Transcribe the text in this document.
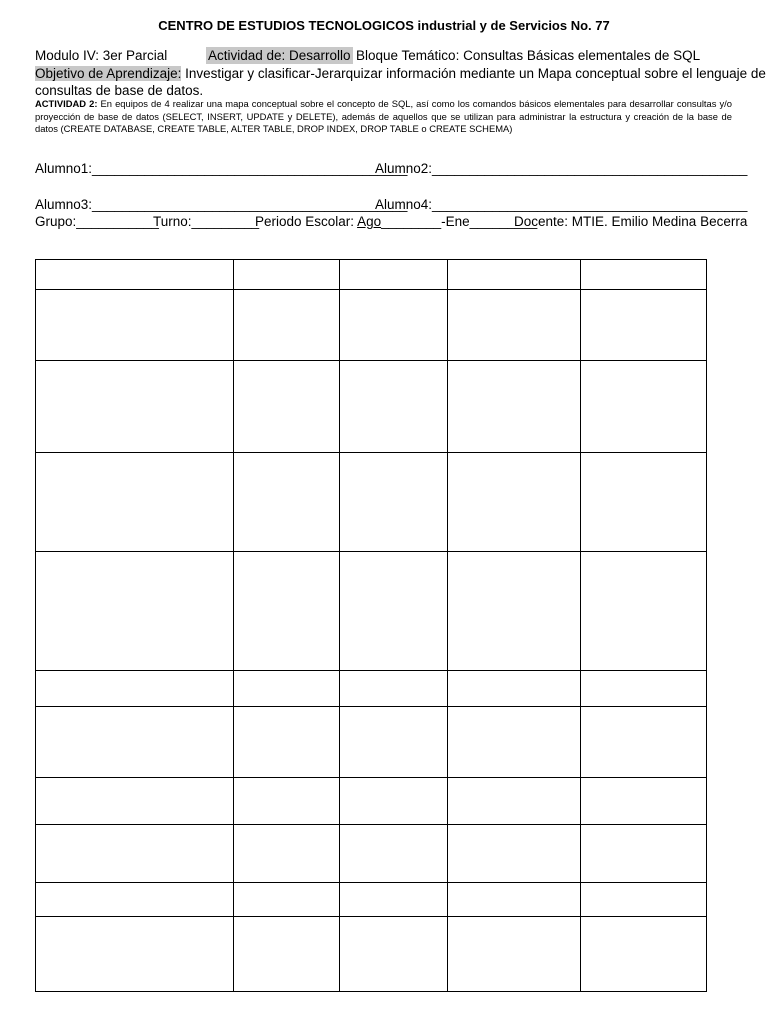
CENTRO DE ESTUDIOS TECNOLOGICOS industrial y de Servicios No. 77
Modulo IV: 3er Parcial	Actividad de: Desarrollo Bloque Temático: Consultas Básicas elementales de SQL
Objetivo de Aprendizaje: Investigar y clasificar-Jerarquizar información mediante un Mapa conceptual sobre el lenguaje de
consultas de base de datos.
ACTIVIDAD 2: En equipos de 4 realizar una mapa conceptual sobre el concepto de SQL, así como los comandos básicos elementales para desarrollar consultas y/o proyección de base de datos (SELECT, INSERT, UPDATE y DELETE), además de aquellos que se utilizan para administrar la estructura y creación de la base de datos (CREATE DATABASE, CREATE TABLE, ALTER TABLE, DROP INDEX, DROP TABLE o CREATE SCHEMA)
Alumno1:__________________________________________
Alumno2:__________________________________________
Alumno3:__________________________________________
Alumno4:__________________________________________
Grupo:___________
Turno:_________
Periodo Escolar: Ago________-Ene_________
Docente: MTIE. Emilio Medina Becerra
